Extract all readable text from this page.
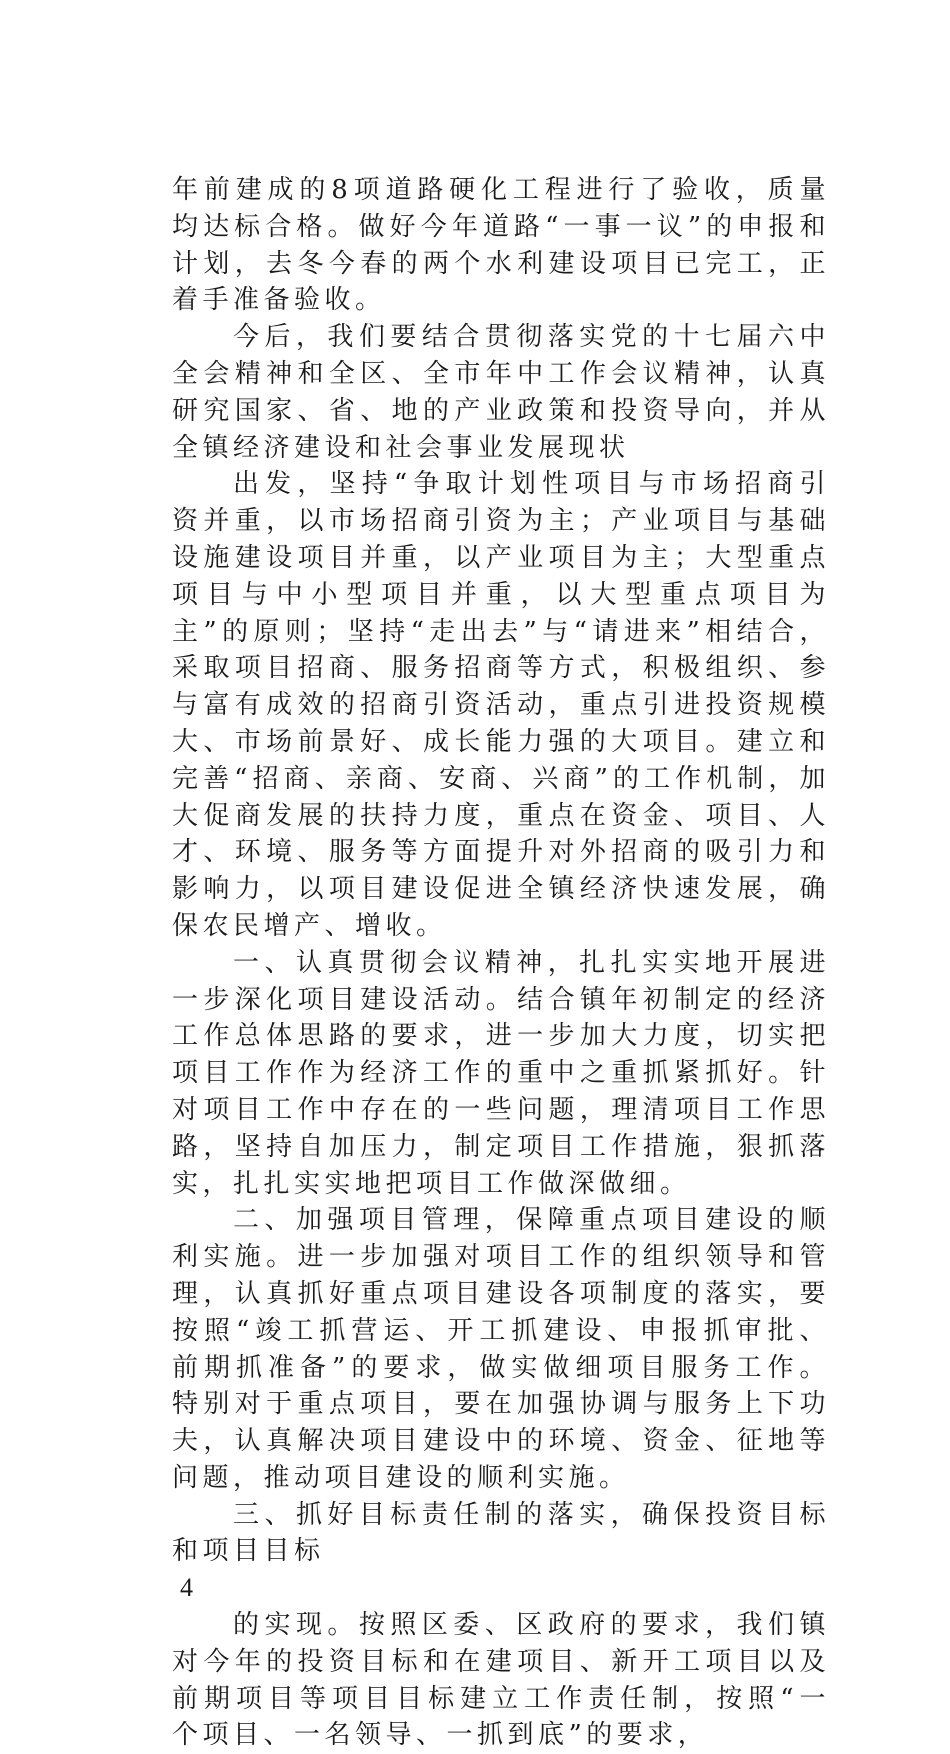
年前建成的8项道路硬化工程进行了验收，质量均达标合格。做好今年道路“一事一议”的申报和计划，去冬今春的两个水利建设项目已完工，正着手准备验收。

今后，我们要结合贯彻落实党的十七届六中全会精神和全区、全市年中工作会议精神，认真研究国家、省、地的产业政策和投资导向，并从全镇经济建设和社会事业发展现状

出发，坚持“争取计划性项目与市场招商引资并重，以市场招商引资为主；产业项目与基础设施建设项目并重，以产业项目为主；大型重点项目与中小型项目并重，以大型重点项目为主”的原则；坚持“走出去”与“请进来”相结合，采取项目招商、服务招商等方式，积极组织、参与富有成效的招商引资活动，重点引进投资规模大、市场前景好、成长能力强的大项目。建立和完善“招商、亲商、安商、兴商”的工作机制，加大促商发展的扶持力度，重点在资金、项目、人才、环境、服务等方面提升对外招商的吸引力和影响力，以项目建设促进全镇经济快速发展，确保农民增产、增收。

一、认真贯彻会议精神，扎扎实实地开展进一步深化项目建设活动。结合镇年初制定的经济工作总体思路的要求，进一步加大力度，切实把项目工作作为经济工作的重中之重抓紧抓好。针对项目工作中存在的一些问题，理清项目工作思路，坚持自加压力，制定项目工作措施，狠抓落实，扎扎实实地把项目工作做深做细。

二、加强项目管理，保障重点项目建设的顺利实施。进一步加强对项目工作的组织领导和管理，认真抓好重点项目建设各项制度的落实，要按照“竣工抓营运、开工抓建设、申报抓审批、前期抓准备”的要求，做实做细项目服务工作。特别对于重点项目，要在加强协调与服务上下功夫，认真解决项目建设中的环境、资金、征地等问题，推动项目建设的顺利实施。

三、抓好目标责任制的落实，确保投资目标和项目目标

4

的实现。按照区委、区政府的要求，我们镇对今年的投资目标和在建项目、新开工项目以及前期项目等项目目标建立工作责任制，按照“一个项目、一名领导、一抓到底”的要求，
